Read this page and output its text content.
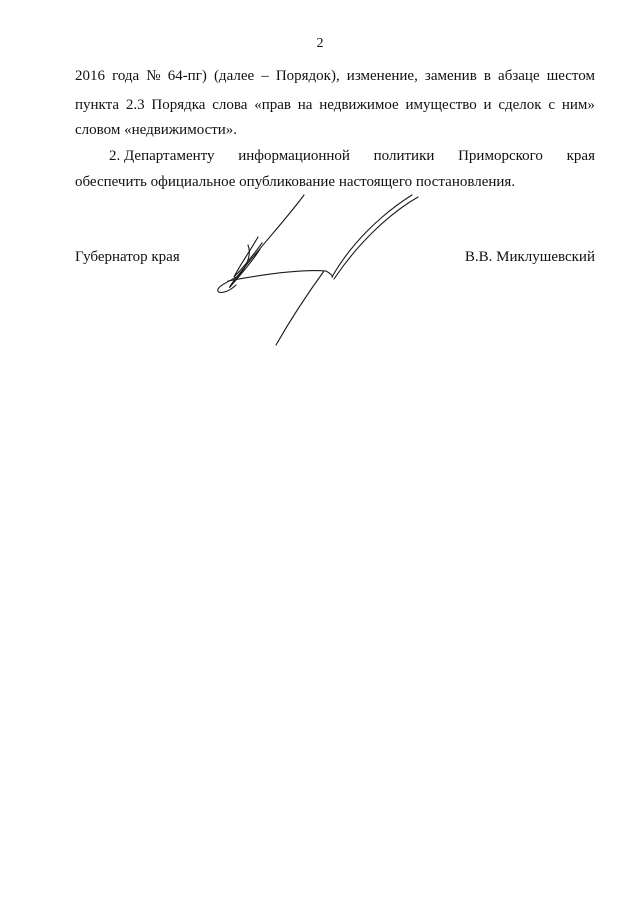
2
2016 года № 64-пг) (далее – Порядок), изменение, заменив в абзаце шестом
пункта 2.3 Порядка слова «прав на недвижимое имущество и сделок с ним»
словом «недвижимости».
2. Департаменту информационной политики Приморского края
обеспечить официальное опубликование настоящего постановления.
Губернатор края	В.В. Миклушевский
